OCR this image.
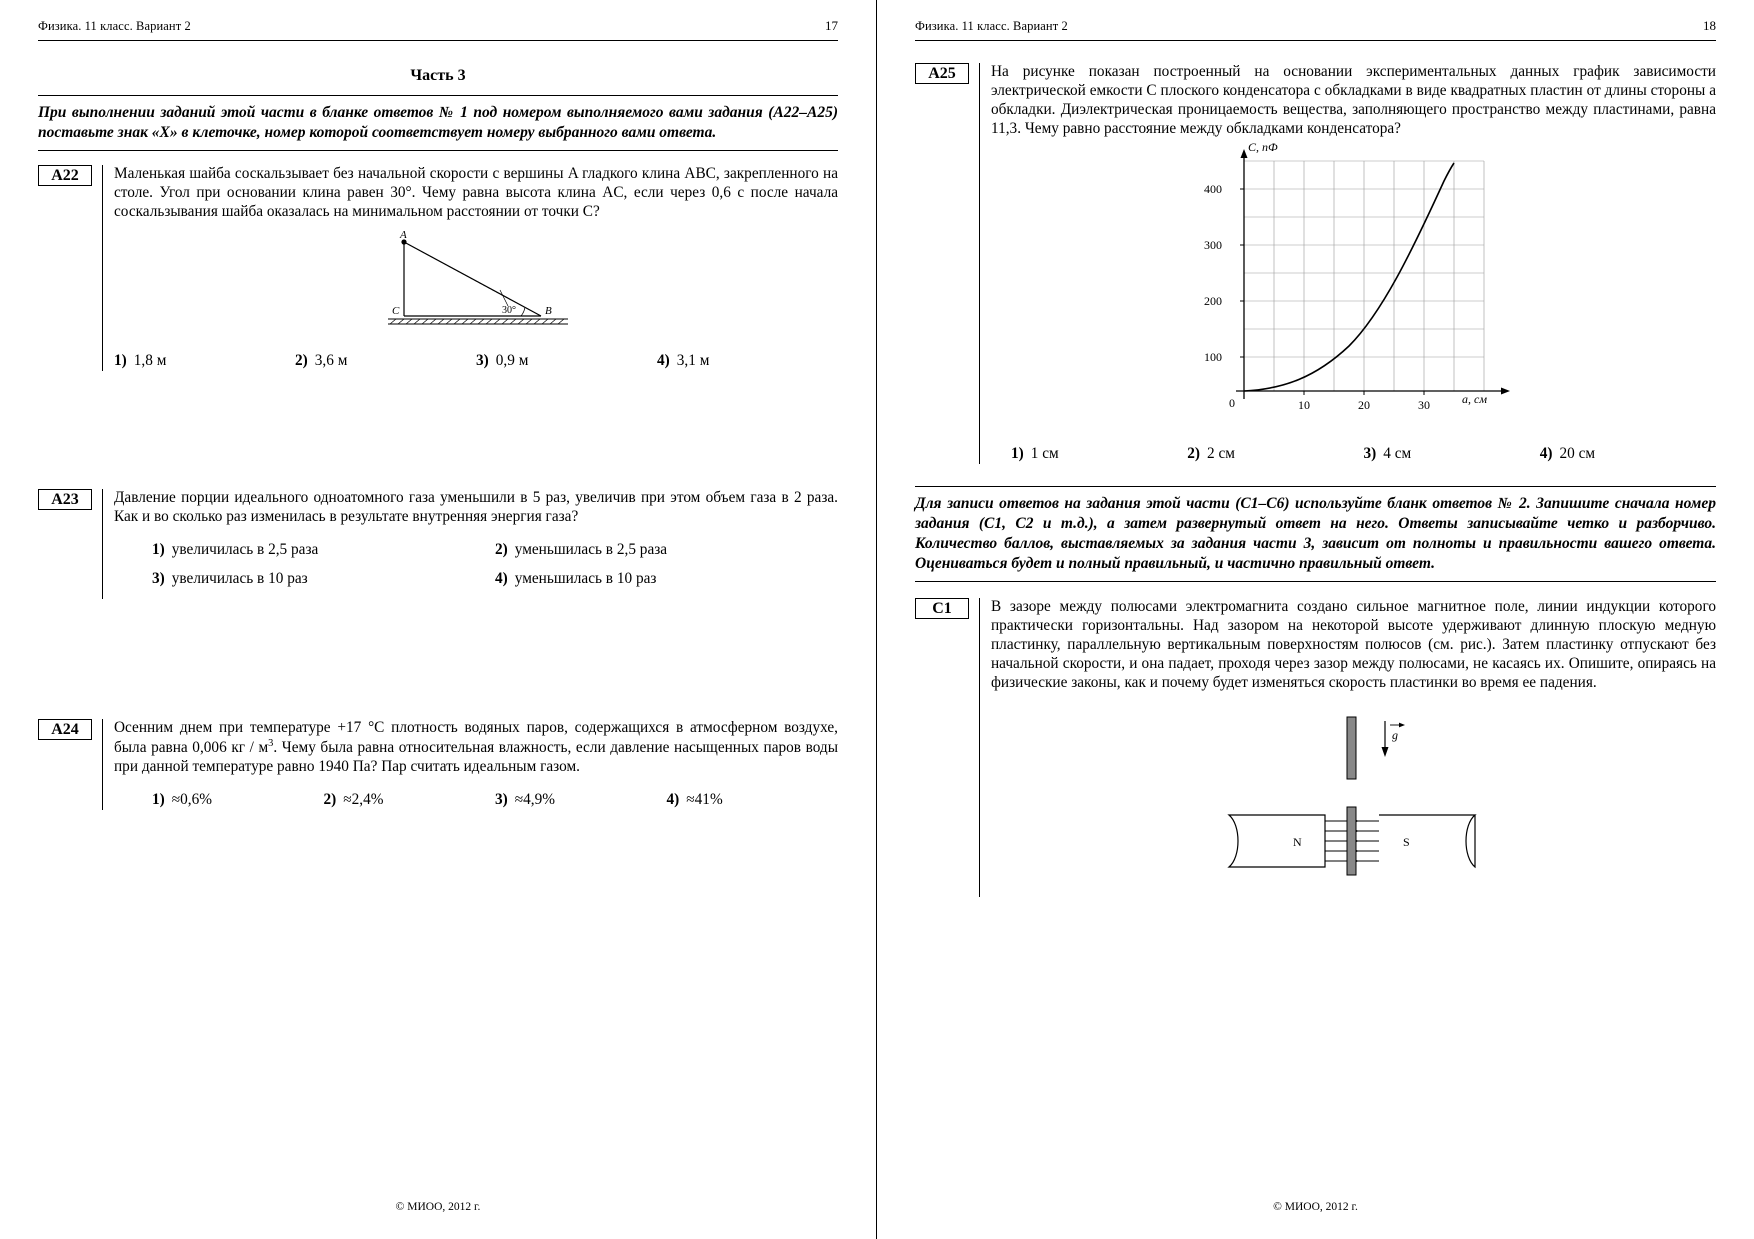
Физика. 11 класс. Вариант 2	17
Часть 3
При выполнении заданий этой части в бланке ответов № 1 под номером выполняемого вами задания (А22–А25) поставьте знак «Х» в клеточке, номер которой соответствует номеру выбранного вами ответа.
А22	Маленькая шайба соскальзывает без начальной скорости с вершины A гладкого клина ABC, закрепленного на столе. Угол при основании клина равен 30°. Чему равна высота клина AC, если через 0,6 с после начала соскальзывания шайба оказалась на минимальном расстоянии от точки C?

A
C	B
30°
1) 1,8 м	2) 3,6 м	3) 0,9 м	4) 3,1 м
А23	Давление порции идеального одноатомного газа уменьшили в 5 раз, увеличив при этом объем газа в 2 раза. Как и во сколько раз изменилась в результате внутренняя энергия газа?

1) увеличилась в 2,5 раза	2) уменьшилась в 2,5 раза
3) увеличилась в 10 раз	4) уменьшилась в 10 раз
А24	Осенним днем при температуре +17 °C плотность водяных паров, содержащихся в атмосферном воздухе, была равна 0,006 кг / $м^3$. Чему была равна относительная влажность, если давление насыщенных паров воды при данной температуре равно 1940 Па? Пар считать идеальным газом.

1) ≈0,6%	2) ≈2,4%	3) ≈4,9%	4) ≈41%
© МИОО, 2012 г.
Физика. 11 класс. Вариант 2	18
А25	На рисунке показан построенный на основании экспериментальных данных график зависимости электрической емкости C плоского конденсатора с обкладками в виде квадратных пластин от длины стороны a обкладки. Диэлектрическая проницаемость вещества, заполняющего пространство между пластинами, равна 11,3. Чему равно расстояние между обкладками конденсатора?

400
300
200
100
0	10	20	30	a, см
C, пФ
1) 1 см	2) 2 см	3) 4 см	4) 20 см
Для записи ответов на задания этой части (С1–С6) используйте бланк ответов № 2. Запишите сначала номер задания (С1, С2 и т.д.), а затем развернутый ответ на него. Ответы записывайте четко и разборчиво. Количество баллов, выставляемых за задания части 3, зависит от полноты и правильности вашего ответа. Оцениваться будет и полный правильный, и частично правильный ответ.
С1	В зазоре между полюсами электромагнита создано сильное магнитное поле, линии индукции которого практически горизонтальны. Над зазором на некоторой высоте удерживают длинную плоскую медную пластинку, параллельную вертикальным поверхностям полюсов (см. рис.). Затем пластинку отпускают без начальной скорости, и она падает, проходя через зазор между полюсами, не касаясь их. Опишите, опираясь на физические законы, как и почему будет изменяться скорость пластинки во время ее падения.

g
N	S
© МИОО, 2012 г.
